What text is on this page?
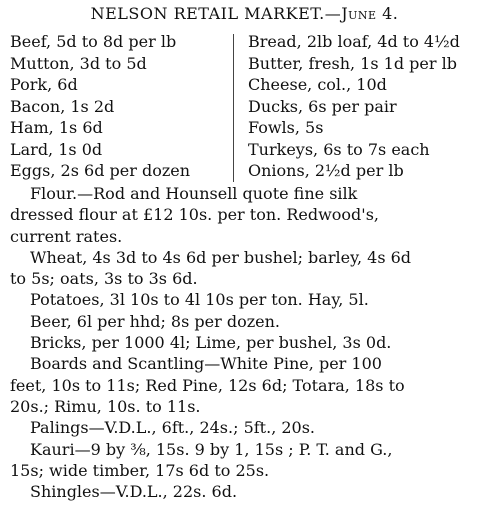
NELSON RETAIL MARKET.—June 4.
Beef, 5d to 8d per lb	Bread, 2lb loaf, 4d to 4½d
Mutton, 3d to 5d	Butter, fresh, 1s 1d per lb
Pork, 6d	Cheese, col., 10d
Bacon, 1s 2d	Ducks, 6s per pair
Ham, 1s 6d	Fowls, 5s
Lard, 1s 0d	Turkeys, 6s to 7s each
Eggs, 2s 6d per dozen	Onions, 2½d per lb

Flour.—Rod and Hounsell quote fine silk

dressed flour at £12 10s. per ton. Redwood's,

current rates.

Wheat, 4s 3d to 4s 6d per bushel; barley, 4s 6d

to 5s; oats, 3s to 3s 6d.

Potatoes, 3l 10s to 4l 10s per ton. Hay, 5l.

Beer, 6l per hhd; 8s per dozen.

Bricks, per 1000 4l; Lime, per bushel, 3s 0d.

Boards and Scantling—White Pine, per 100

feet, 10s to 11s; Red Pine, 12s 6d; Totara, 18s to

20s.; Rimu, 10s. to 11s.

Palings—V.D.L., 6ft., 24s.; 5ft., 20s.

Kauri—9 by ⅜, 15s. 9 by 1, 15s ; P. T. and G.,

15s; wide timber, 17s 6d to 25s.

Shingles—V.D.L., 22s. 6d.
